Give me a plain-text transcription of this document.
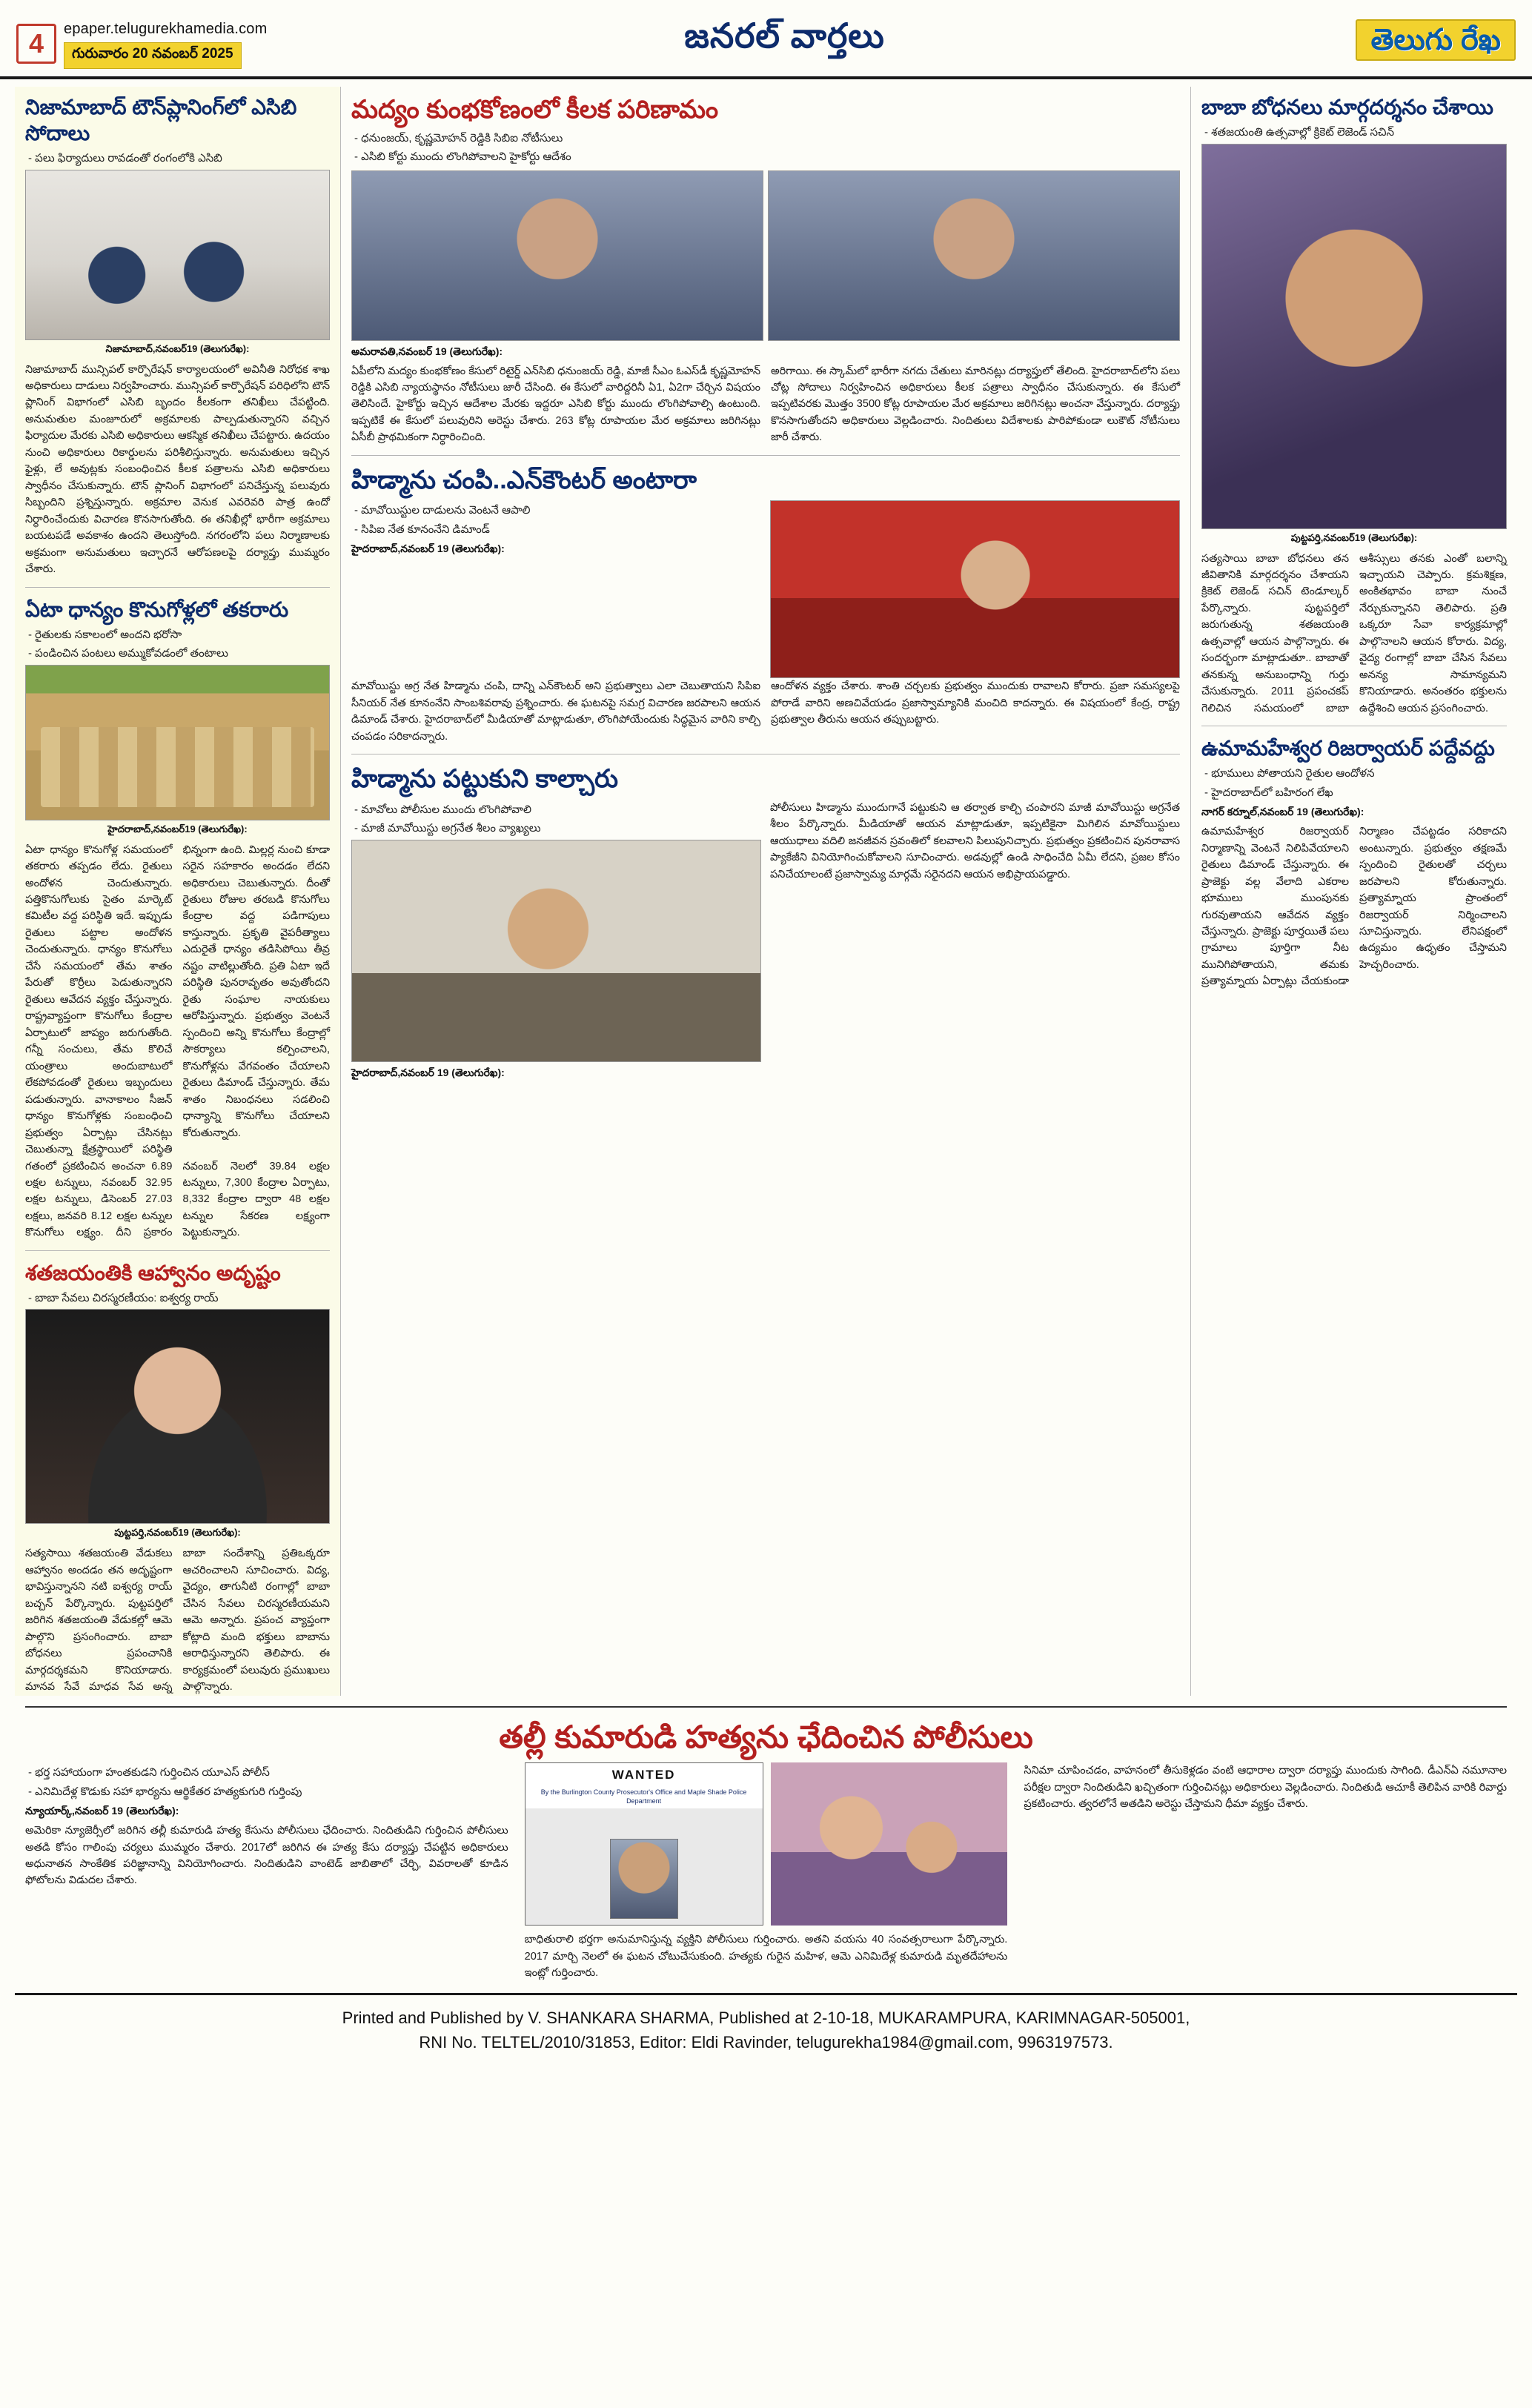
4	epaper.telugurekhamedia.com
గురువారం 20 నవంబర్ 2025	జనరల్ వార్తలు	తెలుగు రేఖ
నిజామాబాద్ టౌన్‌ప్లానింగ్‌లో ఎసిబి సోదాలు
- పలు ఫిర్యాదులు రావడంతో రంగంలోకి ఎసిబి
నిజామాబాద్,నవంబర్19 (తెలుగురేఖ):
నిజామాబాద్ మున్సిపల్ కార్పొరేషన్ కార్యాలయంలో అవినీతి నిరోధక శాఖ అధికారులు దాడులు నిర్వహించారు. మున్సిపల్ కార్పొరేషన్ పరిధిలోని టౌన్ ప్లానింగ్ విభాగంలో ఎసిబి బృందం కీలకంగా తనిఖీలు చేపట్టింది. అనుమతుల మంజూరులో అక్రమాలకు పాల్పడుతున్నారని వచ్చిన ఫిర్యాదుల మేరకు ఎసిబి అధికారులు ఆకస్మిక తనిఖీలు చేపట్టారు. ఉదయం నుంచి అధికారులు రికార్డులను పరిశీలిస్తున్నారు. అనుమతులు ఇచ్చిన ఫైళ్లు, లే అవుట్లకు సంబంధించిన కీలక పత్రాలను ఎసిబి అధికారులు స్వాధీనం చేసుకున్నారు. టౌన్ ప్లానింగ్ విభాగంలో పనిచేస్తున్న పలువురు సిబ్బందిని ప్రశ్నిస్తున్నారు. అక్రమాల వెనుక ఎవరెవరి పాత్ర ఉందో నిర్ధారించేందుకు విచారణ కొనసాగుతోంది. ఈ తనిఖీల్లో భారీగా అక్రమాలు బయటపడే అవకాశం ఉందని తెలుస్తోంది. నగరంలోని పలు నిర్మాణాలకు అక్రమంగా అనుమతులు ఇచ్చారనే ఆరోపణలపై దర్యాప్తు ముమ్మరం చేశారు.
ఏటా ధాన్యం కొనుగోళ్లలో తకరారు
- రైతులకు సకాలంలో అందని భరోసా
- పండించిన పంటలు అమ్ముకోవడంలో తంటాలు
హైదరాబాద్,నవంబర్19 (తెలుగురేఖ):
ఏటా ధాన్యం కొనుగోళ్ల సమయంలో తకరారు తప్పడం లేదు. రైతులు అందోళన చెందుతున్నారు. పత్తికొనుగోలుకు సైతం మార్కెట్ కమిటీల వద్ద పరిస్థితి ఇదే. ఇప్పుడు రైతులు పట్టాల అందోళన చెందుతున్నారు. ధాన్యం కొనుగోలు చేసే సమయంలో తేమ శాతం పేరుతో కొర్రీలు పెడుతున్నారని రైతులు ఆవేదన వ్యక్తం చేస్తున్నారు. రాష్ట్రవ్యాప్తంగా కొనుగోలు కేంద్రాల ఏర్పాటులో జాప్యం జరుగుతోంది. గన్నీ సంచులు, తేమ కొలిచే యంత్రాలు అందుబాటులో లేకపోవడంతో రైతులు ఇబ్బందులు పడుతున్నారు. వానాకాలం సీజన్ ధాన్యం కొనుగోళ్లకు సంబంధించి ప్రభుత్వం ఏర్పాట్లు చేసినట్లు చెబుతున్నా క్షేత్రస్థాయిలో పరిస్థితి భిన్నంగా ఉంది. మిల్లర్ల నుంచి కూడా సరైన సహకారం అందడం లేదని అధికారులు చెబుతున్నారు. దీంతో రైతులు రోజుల తరబడి కొనుగోలు కేంద్రాల వద్ద పడిగాపులు కాస్తున్నారు. ప్రకృతి వైపరీత్యాలు ఎదురైతే ధాన్యం తడిసిపోయి తీవ్ర నష్టం వాటిల్లుతోంది. ప్రతి ఏటా ఇదే పరిస్థితి పునరావృతం అవుతోందని రైతు సంఘాల నాయకులు ఆరోపిస్తున్నారు. ప్రభుత్వం వెంటనే స్పందించి అన్ని కొనుగోలు కేంద్రాల్లో సౌకర్యాలు కల్పించాలని, కొనుగోళ్లను వేగవంతం చేయాలని రైతులు డిమాండ్ చేస్తున్నారు. తేమ శాతం నిబంధనలు సడలించి ధాన్యాన్ని కొనుగోలు చేయాలని కోరుతున్నారు.
గతంలో ప్రకటించిన అంచనా 6.89 లక్షల టన్నులు, నవంబర్ 32.95 లక్షల టన్నులు, డిసెంబర్ 27.03 లక్షలు, జనవరి 8.12 లక్షల టన్నుల కొనుగోలు లక్ష్యం. దీని ప్రకారం నవంబర్ నెలలో 39.84 లక్షల టన్నులు, 7,300 కేంద్రాల ఏర్పాటు, 8,332 కేంద్రాల ద్వారా 48 లక్షల టన్నుల సేకరణ లక్ష్యంగా పెట్టుకున్నారు.
శతజయంతికి ఆహ్వానం అదృష్టం
- బాబా సేవలు చిరస్మరణీయం: ఐశ్వర్య రాయ్
పుట్టపర్తి,నవంబర్19 (తెలుగురేఖ):
సత్యసాయి శతజయంతి వేడుకలు ఆహ్వానం అందడం తన అదృష్టంగా భావిస్తున్నానని నటి ఐశ్వర్య రాయ్ బచ్చన్ పేర్కొన్నారు. పుట్టపర్తిలో జరిగిన శతజయంతి వేడుకల్లో ఆమె పాల్గొని ప్రసంగించారు. బాబా బోధనలు ప్రపంచానికి మార్గదర్శకమని కొనియాడారు. మానవ సేవే మాధవ సేవ అన్న బాబా సందేశాన్ని ప్రతిఒక్కరూ ఆచరించాలని సూచించారు. విద్య, వైద్యం, తాగునీటి రంగాల్లో బాబా చేసిన సేవలు చిరస్మరణీయమని ఆమె అన్నారు. ప్రపంచ వ్యాప్తంగా కోట్లాది మంది భక్తులు బాబాను ఆరాధిస్తున్నారని తెలిపారు. ఈ కార్యక్రమంలో పలువురు ప్రముఖులు పాల్గొన్నారు.
మద్యం కుంభకోణంలో కీలక పరిణామం
- ధనుంజయ్, కృష్ణమోహన్ రెడ్డికి సిబిఐ నోటీసులు
- ఎసిబి కోర్టు ముందు లొంగిపోవాలని హైకోర్టు ఆదేశం
అమరావతి,నవంబర్ 19 (తెలుగురేఖ):
ఏపీలోని మద్యం కుంభకోణం కేసులో రిటైర్డ్ ఎన్‌సిబి ధనుంజయ్ రెడ్డి, మాజీ సీఎం ఓఎస్‌డీ కృష్ణమోహన్ రెడ్డికి ఎసిబి న్యాయస్థానం నోటీసులు జారీ చేసింది. ఈ కేసులో వారిద్దరినీ ఏ1, ఏ2గా చేర్చిన విషయం తెలిసిందే. హైకోర్టు ఇచ్చిన ఆదేశాల మేరకు ఇద్దరూ ఎసిబి కోర్టు ముందు లొంగిపోవాల్సి ఉంటుంది. ఇప్పటికే ఈ కేసులో పలువురిని అరెస్టు చేశారు. 263 కోట్ల రూపాయల మేర అక్రమాలు జరిగినట్లు ఏసీబీ ప్రాథమికంగా నిర్ధారించింది.
అరిగాయి. ఈ స్కామ్‌లో భారీగా నగదు చేతులు మారినట్లు దర్యాప్తులో తేలింది. హైదరాబాద్‌లోని పలు చోట్ల సోదాలు నిర్వహించిన అధికారులు కీలక పత్రాలు స్వాధీనం చేసుకున్నారు. ఈ కేసులో ఇప్పటివరకు మొత్తం 3500 కోట్ల రూపాయల మేర అక్రమాలు జరిగినట్లు అంచనా వేస్తున్నారు. దర్యాప్తు కొనసాగుతోందని అధికారులు వెల్లడించారు. నిందితులు విదేశాలకు పారిపోకుండా లుకౌట్ నోటీసులు జారీ చేశారు.
హిడ్మాను చంపి..ఎన్‌కౌంటర్ అంటారా
- మావోయిస్టుల దాడులను వెంటనే ఆపాలి
- సిపిఐ నేత కూనంనేని డిమాండ్
హైదరాబాద్,నవంబర్ 19 (తెలుగురేఖ):
మావోయిస్టు అగ్ర నేత హిడ్మాను చంపి, దాన్ని ఎన్‌కౌంటర్ అని ప్రభుత్వాలు ఎలా చెబుతాయని సిపిఐ సీనియర్ నేత కూనంనేని సాంబశివరావు ప్రశ్నించారు. ఈ ఘటనపై సమగ్ర విచారణ జరపాలని ఆయన డిమాండ్ చేశారు. హైదరాబాద్‌లో మీడియాతో మాట్లాడుతూ, లొంగిపోయేందుకు సిద్ధమైన వారిని కాల్చి చంపడం సరికాదన్నారు.
ఆందోళన వ్యక్తం చేశారు. శాంతి చర్చలకు ప్రభుత్వం ముందుకు రావాలని కోరారు. ప్రజా సమస్యలపై పోరాడే వారిని అణచివేయడం ప్రజాస్వామ్యానికి మంచిది కాదన్నారు. ఈ విషయంలో కేంద్ర, రాష్ట్ర ప్రభుత్వాల తీరును ఆయన తప్పుబట్టారు.
హిడ్మాను పట్టుకుని కాల్చారు
- మావోలు పోలీసుల ముందు లొంగిపోవాలి
- మాజీ మావోయిస్టు అగ్రనేత శీలం వ్యాఖ్యలు
హైదరాబాద్,నవంబర్ 19 (తెలుగురేఖ):
పోలీసులు హిడ్మాను ముందుగానే పట్టుకుని ఆ తర్వాత కాల్చి చంపారని మాజీ మావోయిస్టు అగ్రనేత శీలం పేర్కొన్నారు. మీడియాతో ఆయన మాట్లాడుతూ, ఇప్పటికైనా మిగిలిన మావోయిస్టులు ఆయుధాలు వదిలి జనజీవన స్రవంతిలో కలవాలని పిలుపునిచ్చారు. ప్రభుత్వం ప్రకటించిన పునరావాస ప్యాకేజీని వినియోగించుకోవాలని సూచించారు. అడవుల్లో ఉండి సాధించేది ఏమీ లేదని, ప్రజల కోసం పనిచేయాలంటే ప్రజాస్వామ్య మార్గమే సరైనదని ఆయన అభిప్రాయపడ్డారు.
బాబా బోధనలు మార్గదర్శనం చేశాయి
- శతజయంతి ఉత్సవాల్లో క్రికెట్ లెజెండ్ సచిన్
పుట్టపర్తి,నవంబర్19 (తెలుగురేఖ):
సత్యసాయి బాబా బోధనలు తన జీవితానికి మార్గదర్శనం చేశాయని క్రికెట్ లెజెండ్ సచిన్ టెండూల్కర్ పేర్కొన్నారు. పుట్టపర్తిలో జరుగుతున్న శతజయంతి ఉత్సవాల్లో ఆయన పాల్గొన్నారు. ఈ సందర్భంగా మాట్లాడుతూ.. బాబాతో తనకున్న అనుబంధాన్ని గుర్తు చేసుకున్నారు. 2011 ప్రపంచకప్ గెలిచిన సమయంలో బాబా ఆశీస్సులు తనకు ఎంతో బలాన్ని ఇచ్చాయని చెప్పారు. క్రమశిక్షణ, అంకితభావం బాబా నుంచే నేర్చుకున్నానని తెలిపారు. ప్రతి ఒక్కరూ సేవా కార్యక్రమాల్లో పాల్గొనాలని ఆయన కోరారు. విద్య, వైద్య రంగాల్లో బాబా చేసిన సేవలు అనన్య సామాన్యమని కొనియాడారు. అనంతరం భక్తులను ఉద్దేశించి ఆయన ప్రసంగించారు.
ఉమామహేశ్వర రిజర్వాయర్ పద్దేవద్దు
- భూములు పోతాయని రైతుల ఆందోళన
- హైదరాబాద్‌లో బహిరంగ లేఖ
నాగర్ కర్నూల్,నవంబర్ 19 (తెలుగురేఖ):
ఉమామహేశ్వర రిజర్వాయర్ నిర్మాణాన్ని వెంటనే నిలిపివేయాలని రైతులు డిమాండ్ చేస్తున్నారు. ఈ ప్రాజెక్టు వల్ల వేలాది ఎకరాల భూములు ముంపునకు గురవుతాయని ఆవేదన వ్యక్తం చేస్తున్నారు. ప్రాజెక్టు పూర్తయితే పలు గ్రామాలు పూర్తిగా నీట మునిగిపోతాయని, తమకు ప్రత్యామ్నాయ ఏర్పాట్లు చేయకుండా నిర్మాణం చేపట్టడం సరికాదని అంటున్నారు. ప్రభుత్వం తక్షణమే స్పందించి రైతులతో చర్చలు జరపాలని కోరుతున్నారు. ప్రత్యామ్నాయ ప్రాంతంలో రిజర్వాయర్ నిర్మించాలని సూచిస్తున్నారు. లేనిపక్షంలో ఉద్యమం ఉధృతం చేస్తామని హెచ్చరించారు.
తల్లీ కుమారుడి హత్యను ఛేదించిన పోలీసులు
- భర్త సహాయంగా హంతకుడని గుర్తించిన యూఎస్ పోలీస్
- ఎనిమిదేళ్ల కొడుకు సహా భార్యను ఆర్థికేతర హత్యకుగురి గుర్తింపు
న్యూయార్క్,నవంబర్ 19 (తెలుగురేఖ):
అమెరికా న్యూజెర్సీలో జరిగిన తల్లీ కుమారుడి హత్య కేసును పోలీసులు ఛేదించారు. నిందితుడిని గుర్తించిన పోలీసులు అతడి కోసం గాలింపు చర్యలు ముమ్మరం చేశారు. 2017లో జరిగిన ఈ హత్య కేసు దర్యాప్తు చేపట్టిన అధికారులు అధునాతన సాంకేతిక పరిజ్ఞానాన్ని వినియోగించారు. నిందితుడిని వాంటెడ్ జాబితాలో చేర్చి, వివరాలతో కూడిన ఫోటోలను విడుదల చేశారు.
WANTED
By the Burlington County Prosecutor's Office and Maple Shade Police Department
బాధితురాలి భర్తగా అనుమానిస్తున్న వ్యక్తిని పోలీసులు గుర్తించారు. అతని వయసు 40 సంవత్సరాలుగా పేర్కొన్నారు. 2017 మార్చి నెలలో ఈ ఘటన చోటుచేసుకుంది. హత్యకు గురైన మహిళ, ఆమె ఎనిమిదేళ్ల కుమారుడి మృతదేహాలను ఇంట్లో గుర్తించారు.
సినిమా చూపించడం, వాహనంలో తీసుకెళ్లడం వంటి ఆధారాల ద్వారా దర్యాప్తు ముందుకు సాగింది. డీఎన్ఏ నమూనాల పరీక్షల ద్వారా నిందితుడిని ఖచ్చితంగా గుర్తించినట్లు అధికారులు వెల్లడించారు. నిందితుడి ఆచూకీ తెలిపిన వారికి రివార్డు ప్రకటించారు. త్వరలోనే అతడిని అరెస్టు చేస్తామని ధీమా వ్యక్తం చేశారు.
Printed and Published by V. SHANKARA SHARMA, Published at 2-10-18, MUKARAMPURA, KARIMNAGAR-505001,
RNI No. TELTEL/2010/31853, Editor: Eldi Ravinder, telugurekha1984@gmail.com, 9963197573.
